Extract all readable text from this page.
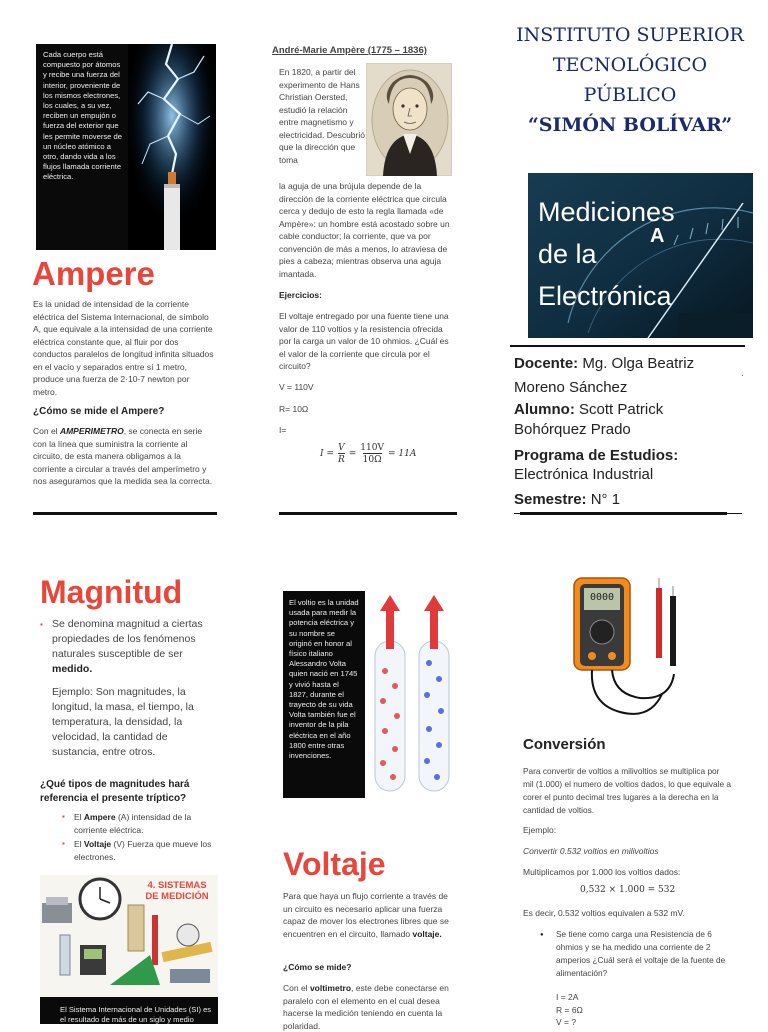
Cada cuerpo está compuesto por átomos y recibe una fuerza del interior, proveniente de los mismos electrones, los cuales, a su vez, reciben un empujón o fuerza del exterior que les permite moverse de un núcleo atómico a otro, dando vida a los flujos llamada corriente eléctrica.
Ampere
Es la unidad de intensidad de la corriente eléctrica del Sistema Internacional, de símbolo A, que equivale a la intensidad de una corriente eléctrica constante que, al fluir por dos conductos paralelos de longitud infinita situados en el vacío y separados entre sí 1 metro, produce una fuerza de 2·10-7 newton por metro.
¿Cómo se mide el Ampere?
Con el AMPERIMETRO, se conecta en serie con la línea que suministra la corriente al circuito, de esta manera obligamos a la corriente a circular a través del amperímetro y nos aseguramos que la medida sea la correcta.
André-Marie Ampère (1775 – 1836)
En 1820, a partir del experimento de Hans Christian Oersted, estudió la relación entre magnetismo y electricidad. Descubrió que la dirección que toma
la aguja de una brújula depende de la dirección de la corriente eléctrica que circula cerca y dedujo de esto la regla llamada «de Ampère»: un hombre está acostado sobre un cable conductor; la corriente, que va por convención de más a menos, lo atraviesa de pies a cabeza; mientras observa una aguja imantada.
Ejercicios:
El voltaje entregado por una fuente tiene una valor de 110 voltios y la resistencia ofrecida por la carga un valor de 10 ohmios. ¿Cuál es el valor de la corriente que circula por el circuito?
V = 110V
R= 10Ω
I=
$I = \frac{V}{R} = \frac{110V}{10\Omega} = 11A$
INSTITUTO SUPERIOR
TECNOLÓGICO
PÚBLICO
“SIMÓN BOLÍVAR”
Mediciones de la Electrónica
A
Docente: Mg. Olga Beatriz Moreno Sánchez
.
Alumno: Scott Patrick Bohórquez Prado
Programa de Estudios:
Electrónica Industrial
Semestre: N° 1
Magnitud
▪ Se denomina magnitud a ciertas propiedades de los fenómenos naturales susceptible de ser medido.
Ejemplo: Son magnitudes, la longitud, la masa, el tiempo, la temperatura, la densidad, la velocidad, la cantidad de sustancia, entre otros.
¿Qué tipos de magnitudes hará referencia el presente tríptico?
▪ El Ampere (A) intensidad de la corriente eléctrica.
▪ El Voltaje (V) Fuerza que mueve los electrones.
4. SISTEMAS DE MEDICIÓN
El Sistema Internacional de Unidades (SI) es el resultado de más de un siglo y medio
El voltio es la unidad usada para medir la potencia eléctrica y su nombre se originó en honor al físico italiano Alessandro Volta quien nació en 1745 y vivió hasta el 1827, durante el trayecto de su vida Volta también fue el inventor de la pila eléctrica en el año 1800 entre otras invenciones.
Voltaje
Para que haya un flujo corriente a través de un circuito es necesario aplicar una fuerza capaz de mover los electrones libres que se encuentren en el circuito, llamado voltaje.
¿Cómo se mide?
Con el voltimetro, este debe conectarse en paralelo con el elemento en el cual desea hacerse la medición teniendo en cuenta la polaridad.
0000
Conversión
Para convertir de voltios a milivoltios se multiplica por mil (1.000) el numero de voltios dados, lo que equivale a corer el punto decimal tres lugares a la derecha en la cantidad de voltios.
Ejemplo:
Convertir 0.532 voltios en milivoltios
Multiplicamos por 1.000 los voltios dados:
0,532 × 1.000 = 532
Es decir, 0.532 voltios equivalen a 532 mV.
● Se tiene como carga una Resistencia de 6 ohmios y se ha medido una corriente de 2 amperios ¿Cuál será el voltaje de la fuente de alimentación?
I = 2A
R = 6Ω
V = ?
